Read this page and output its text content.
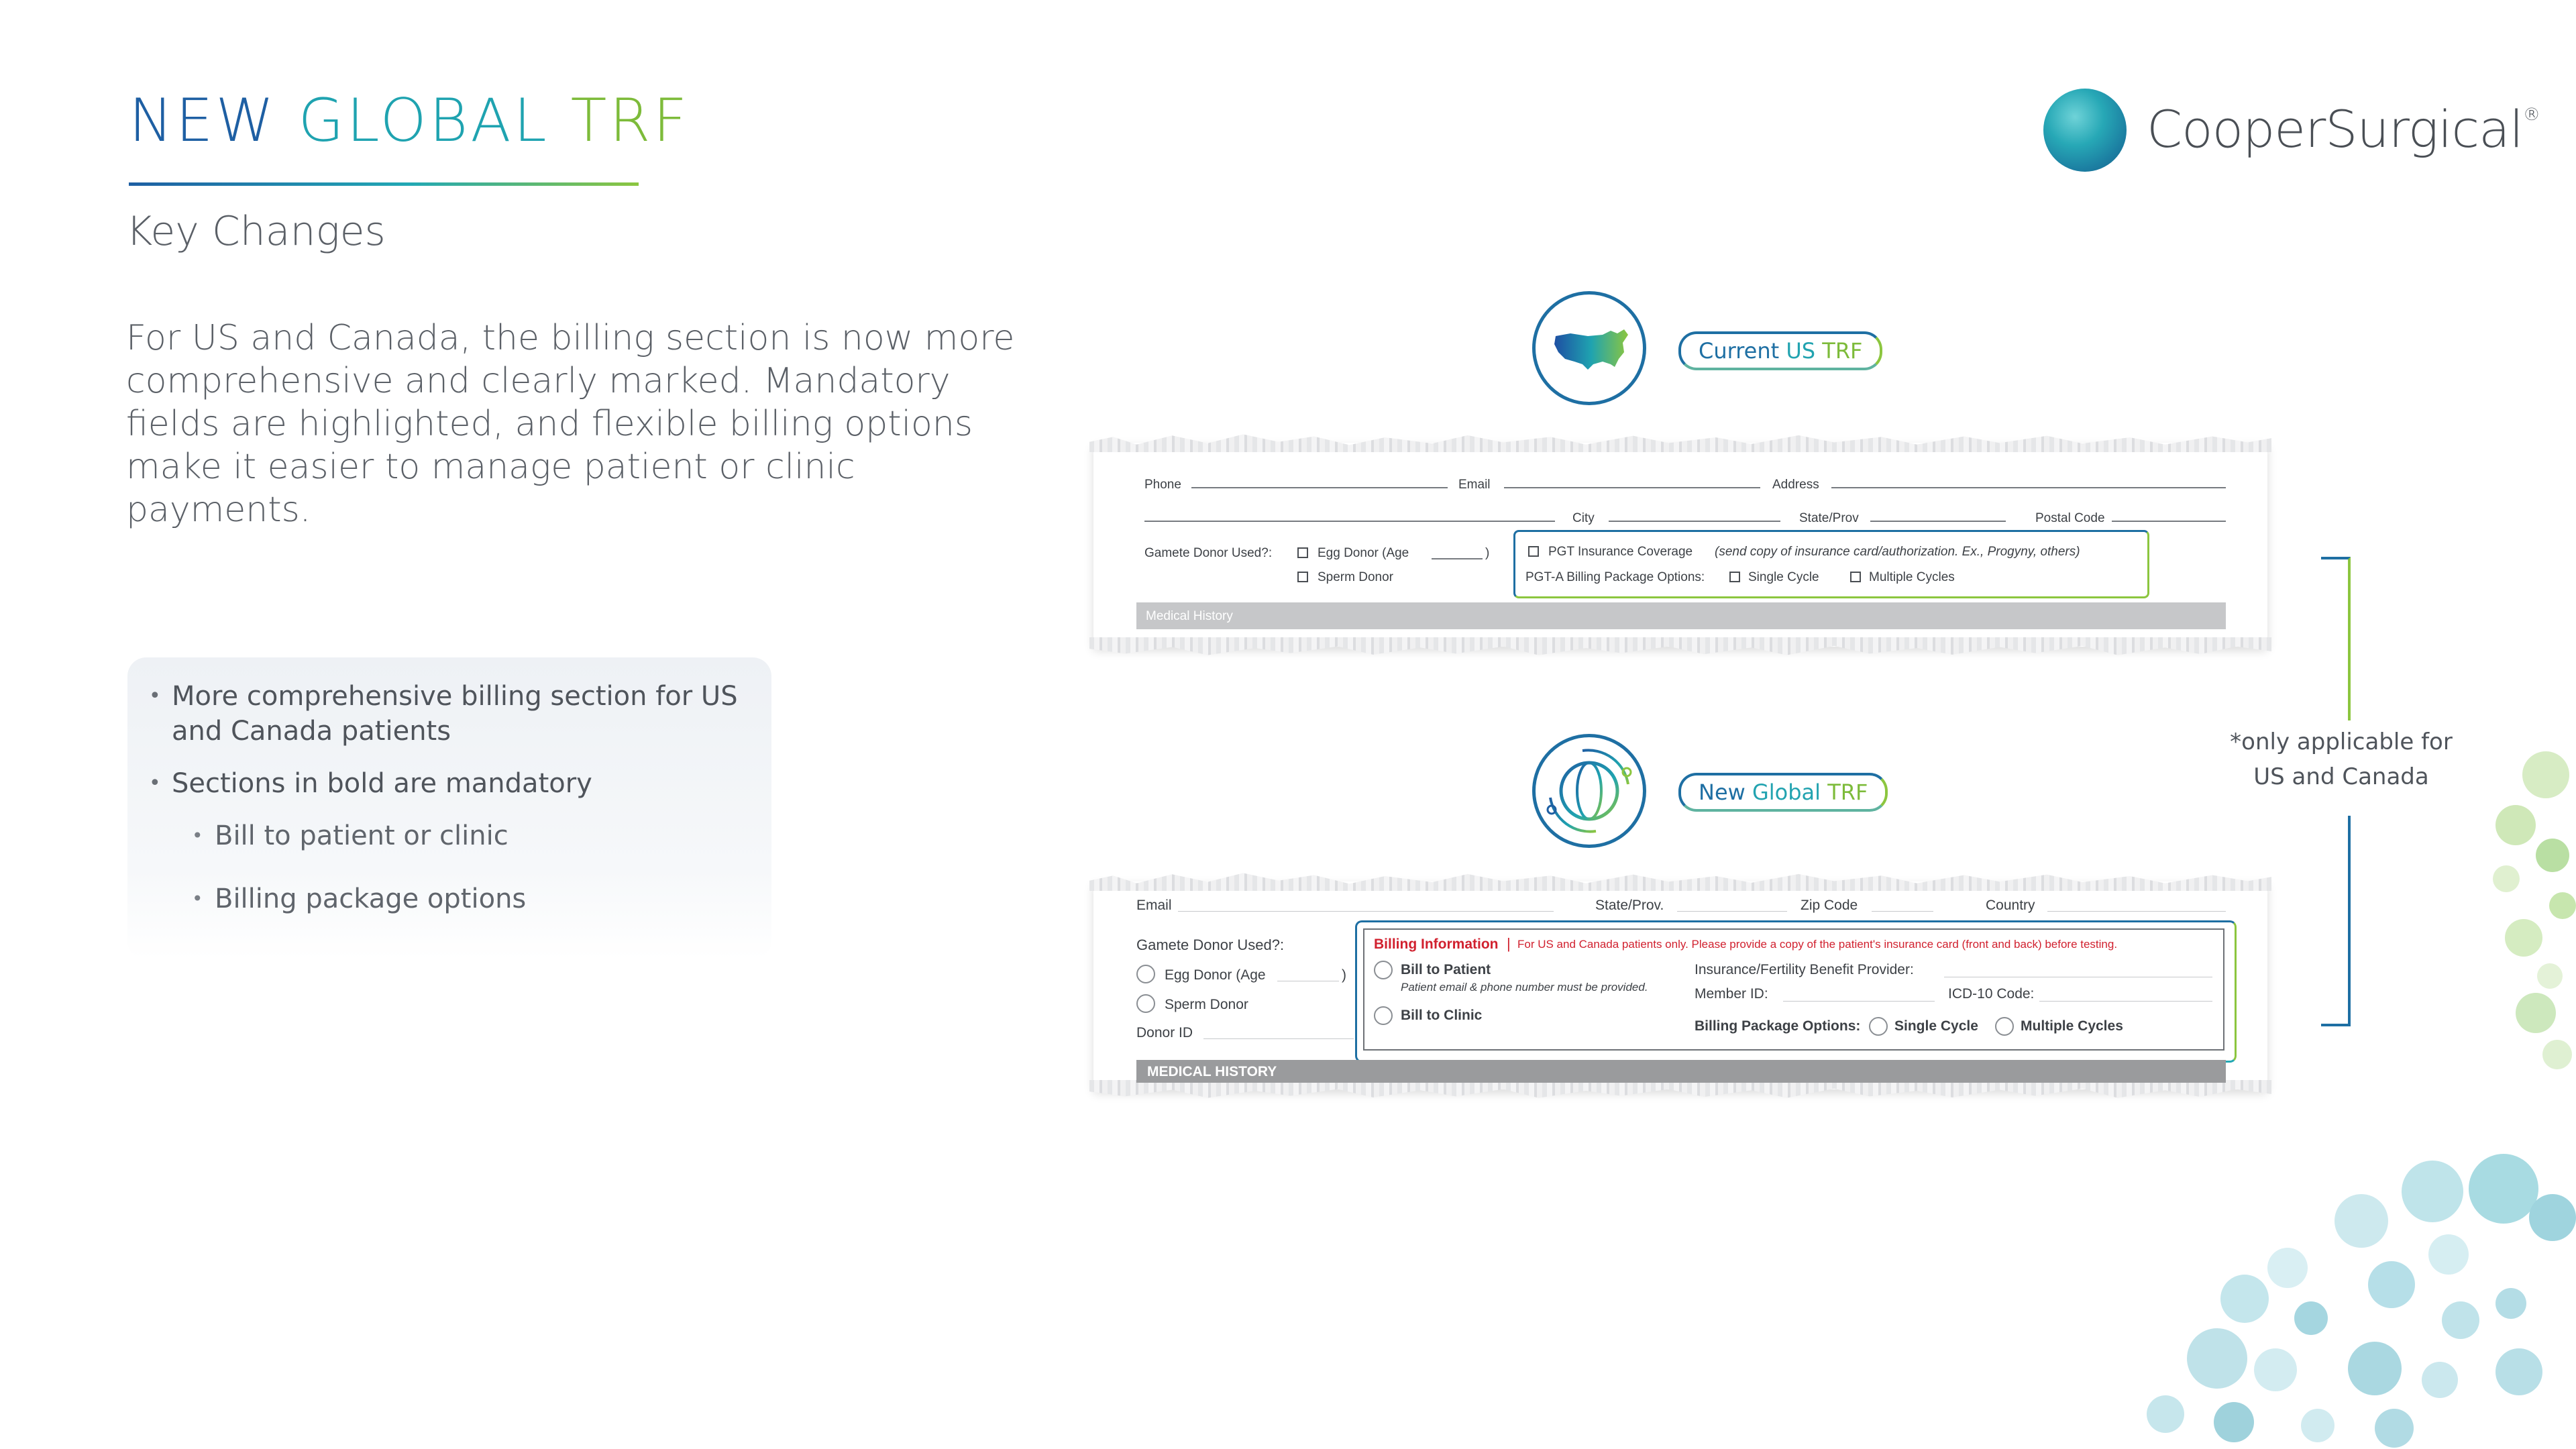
NEW GLOBAL TRF
Key Changes
For US and Canada, the billing section is now more comprehensive and clearly marked. Mandatory fields are highlighted, and flexible billing options make it easier to manage patient or clinic payments.
• More comprehensive billing section for US and Canada patients
• Sections in bold are mandatory
• Bill to patient or clinic
• Billing package options
CooperSurgical®
Current US TRF
Phone	Email	Address
City	State/Prov	Postal Code
Gamete Donor Used?:	Egg Donor (Age	)
Sperm Donor
PGT Insurance Coverage (send copy of insurance card/authorization. Ex., Progyny, others)
PGT-A Billing Package Options:	Single Cycle	Multiple Cycles
Medical History
New Global TRF
Email	State/Prov.	Zip Code	Country
Gamete Donor Used?:
Egg Donor (Age	)
Sperm Donor
Donor ID
Billing Information | For US and Canada patients only. Please provide a copy of the patient's insurance card (front and back) before testing.
Bill to Patient
Patient email & phone number must be provided.
Bill to Clinic
Insurance/Fertility Benefit Provider:
Member ID:	ICD-10 Code:
Billing Package Options: Single Cycle	Multiple Cycles
MEDICAL HISTORY
*only applicable for US and Canada
